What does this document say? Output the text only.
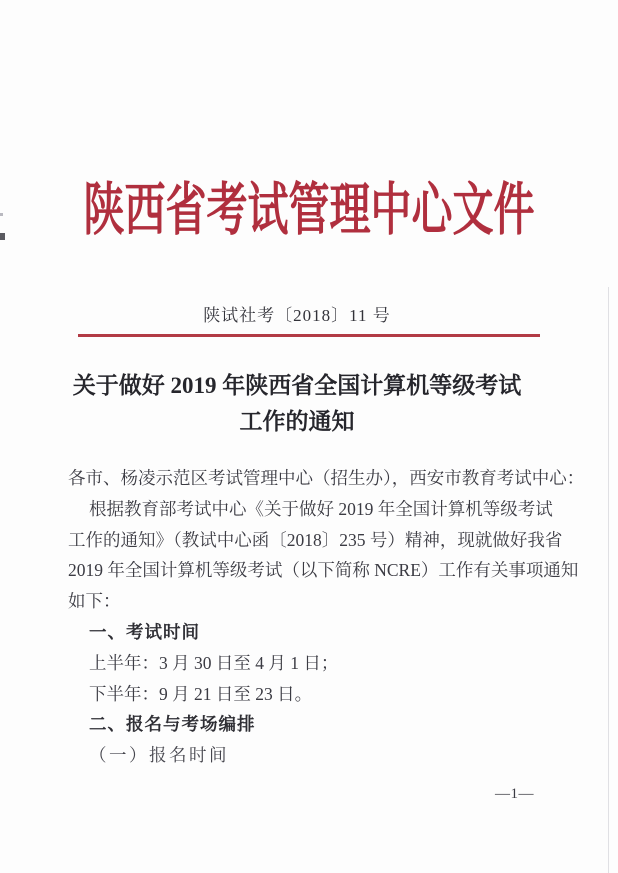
陕西省考试管理中心文件
陕试社考〔2018〕11 号
关于做好 2019 年陕西省全国计算机等级考试
工作的通知

各市、杨凌示范区考试管理中心（招生办），西安市教育考试中心：

根据教育部考试中心《关于做好 2019 年全国计算机等级考试

工作的通知》（教试中心函〔2018〕235 号）精神，现就做好我省

2019 年全国计算机等级考试（以下简称 NCRE）工作有关事项通知

如下：

一、考试时间

上半年：3 月 30 日至 4 月 1 日；

下半年：9 月 21 日至 23 日。

二、报名与考场编排

（一）报名时间

—1—
